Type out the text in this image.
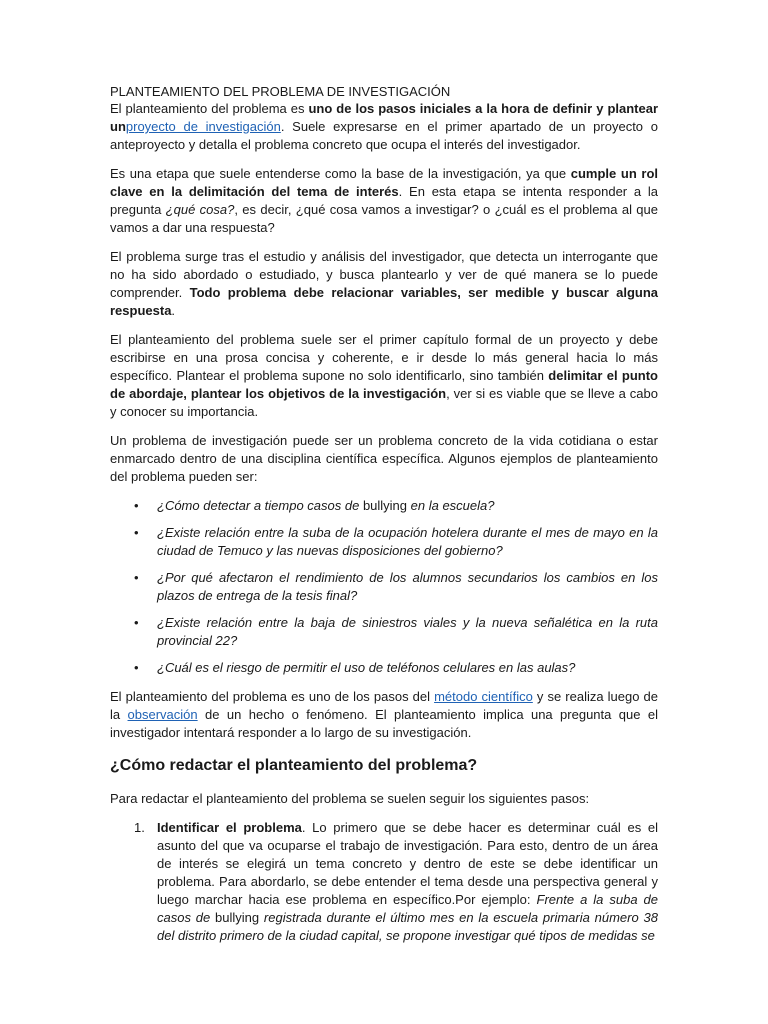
PLANTEAMIENTO DEL PROBLEMA DE INVESTIGACIÓN

El planteamiento del problema es uno de los pasos iniciales a la hora de definir y plantear unproyecto de investigación. Suele expresarse en el primer apartado de un proyecto o anteproyecto y detalla el problema concreto que ocupa el interés del investigador.

Es una etapa que suele entenderse como la base de la investigación, ya que cumple un rol clave en la delimitación del tema de interés. En esta etapa se intenta responder a la pregunta ¿qué cosa?, es decir, ¿qué cosa vamos a investigar? o ¿cuál es el problema al que vamos a dar una respuesta?

El problema surge tras el estudio y análisis del investigador, que detecta un interrogante que no ha sido abordado o estudiado, y busca plantearlo y ver de qué manera se lo puede comprender. Todo problema debe relacionar variables, ser medible y buscar alguna respuesta.

El planteamiento del problema suele ser el primer capítulo formal de un proyecto y debe escribirse en una prosa concisa y coherente, e ir desde lo más general hacia lo más específico. Plantear el problema supone no solo identificarlo, sino también delimitar el punto de abordaje, plantear los objetivos de la investigación, ver si es viable que se lleve a cabo y conocer su importancia.

Un problema de investigación puede ser un problema concreto de la vida cotidiana o estar enmarcado dentro de una disciplina científica específica. Algunos ejemplos de planteamiento del problema pueden ser:

• ¿Cómo detectar a tiempo casos de bullying en la escuela?
• ¿Existe relación entre la suba de la ocupación hotelera durante el mes de mayo en la ciudad de Temuco y las nuevas disposiciones del gobierno?
• ¿Por qué afectaron el rendimiento de los alumnos secundarios los cambios en los plazos de entrega de la tesis final?
• ¿Existe relación entre la baja de siniestros viales y la nueva señalética en la ruta provincial 22?
• ¿Cuál es el riesgo de permitir el uso de teléfonos celulares en las aulas?

El planteamiento del problema es uno de los pasos del método científico y se realiza luego de la observación de un hecho o fenómeno. El planteamiento implica una pregunta que el investigador intentará responder a lo largo de su investigación.

¿Cómo redactar el planteamiento del problema?

Para redactar el planteamiento del problema se suelen seguir los siguientes pasos:

1. Identificar el problema. Lo primero que se debe hacer es determinar cuál es el asunto del que va ocuparse el trabajo de investigación. Para esto, dentro de un área de interés se elegirá un tema concreto y dentro de este se debe identificar un problema. Para abordarlo, se debe entender el tema desde una perspectiva general y luego marchar hacia ese problema en específico.Por ejemplo: Frente a la suba de casos de bullying registrada durante el último mes en la escuela primaria número 38 del distrito primero de la ciudad capital, se propone investigar qué tipos de medidas se
